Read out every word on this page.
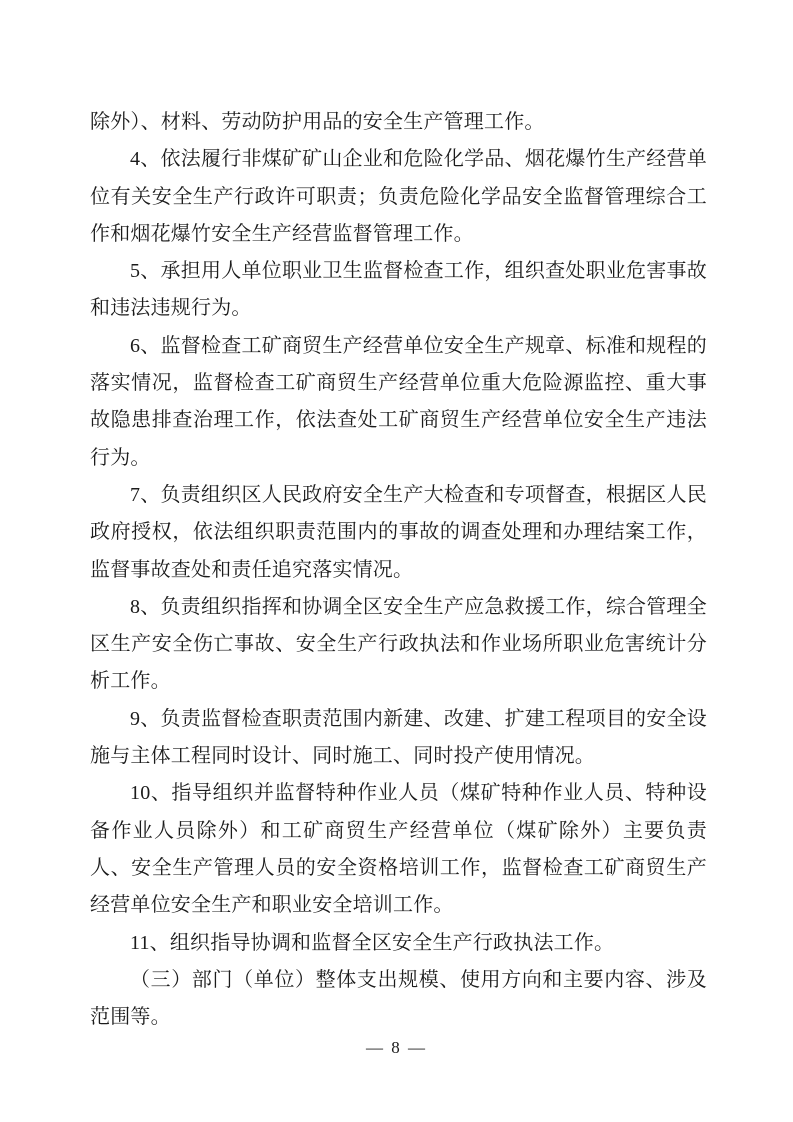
除外）、材料、劳动防护用品的安全生产管理工作。

4、依法履行非煤矿矿山企业和危险化学品、烟花爆竹生产经营单位有关安全生产行政许可职责；负责危险化学品安全监督管理综合工作和烟花爆竹安全生产经营监督管理工作。

5、承担用人单位职业卫生监督检查工作，组织查处职业危害事故和违法违规行为。

6、监督检查工矿商贸生产经营单位安全生产规章、标准和规程的落实情况，监督检查工矿商贸生产经营单位重大危险源监控、重大事故隐患排查治理工作，依法查处工矿商贸生产经营单位安全生产违法行为。

7、负责组织区人民政府安全生产大检查和专项督查，根据区人民政府授权，依法组织职责范围内的事故的调查处理和办理结案工作，监督事故查处和责任追究落实情况。

8、负责组织指挥和协调全区安全生产应急救援工作，综合管理全区生产安全伤亡事故、安全生产行政执法和作业场所职业危害统计分析工作。

9、负责监督检查职责范围内新建、改建、扩建工程项目的安全设施与主体工程同时设计、同时施工、同时投产使用情况。

10、指导组织并监督特种作业人员（煤矿特种作业人员、特种设备作业人员除外）和工矿商贸生产经营单位（煤矿除外）主要负责人、安全生产管理人员的安全资格培训工作，监督检查工矿商贸生产经营单位安全生产和职业安全培训工作。

11、组织指导协调和监督全区安全生产行政执法工作。

（三）部门（单位）整体支出规模、使用方向和主要内容、涉及范围等。

— 8 —
